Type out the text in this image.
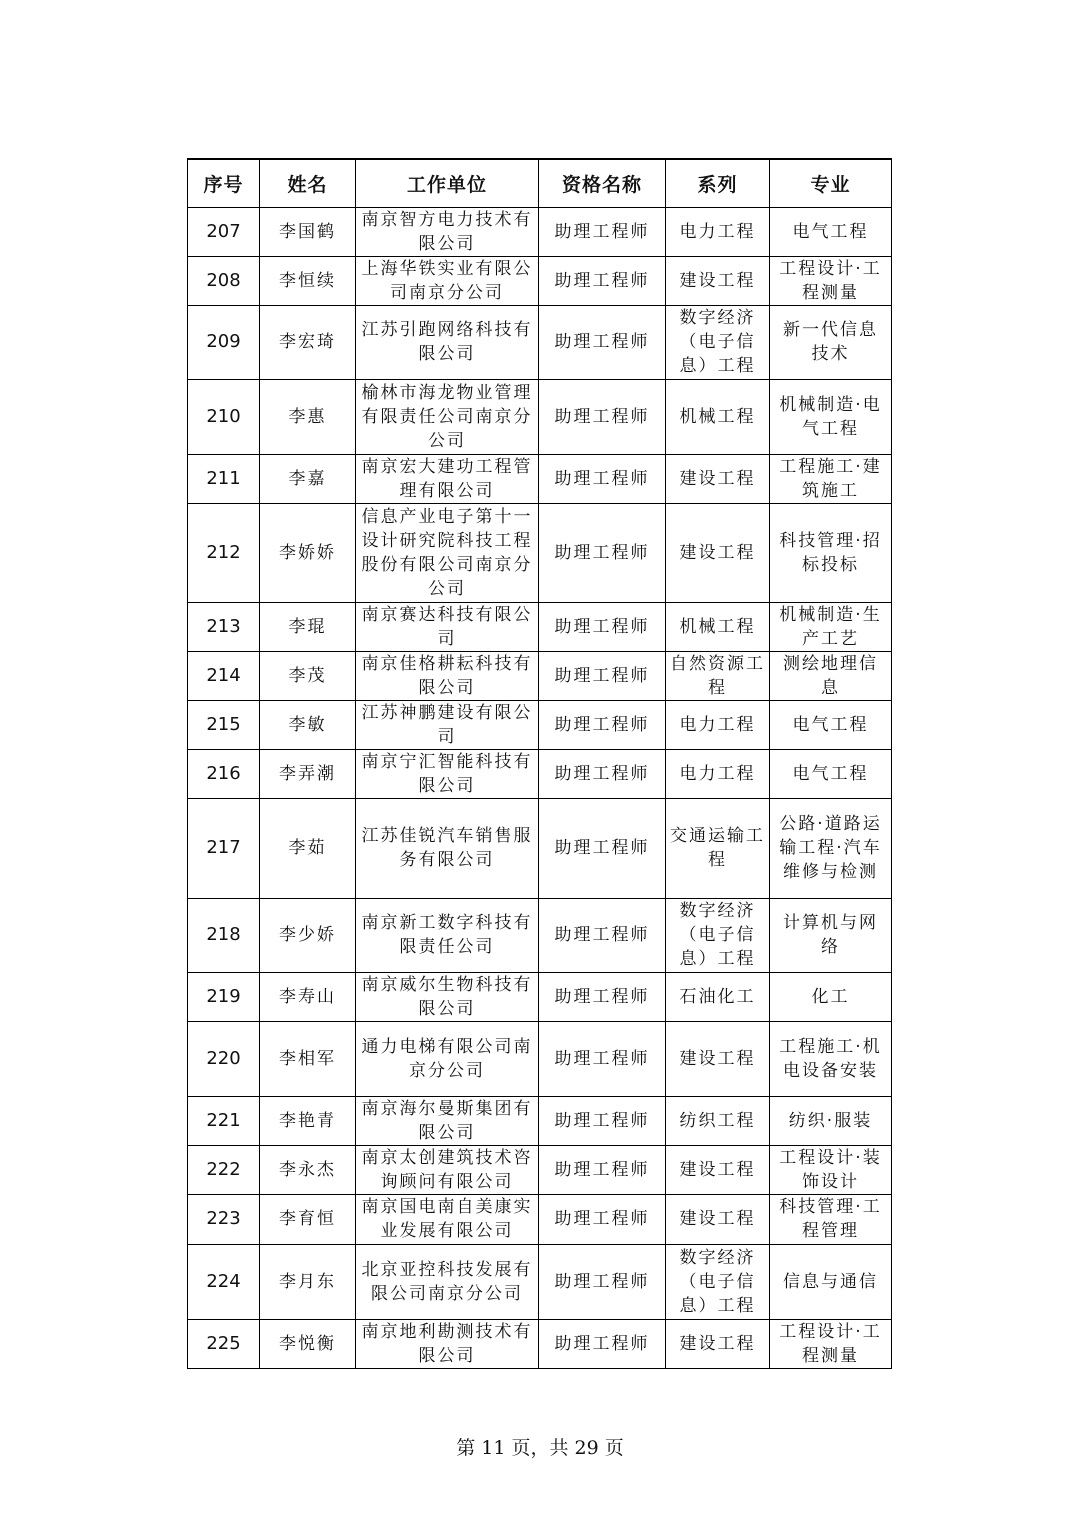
序号	姓名	工作单位	资格名称	系列	专业
207	李国鹤	南京智方电力技术有限公司	助理工程师	电力工程	电气工程
208	李恒续	上海华铁实业有限公司南京分公司	助理工程师	建设工程	工程设计·工程测量
209	李宏琦	江苏引跑网络科技有限公司	助理工程师	数字经济（电子信息）工程	新一代信息技术
210	李惠	榆林市海龙物业管理有限责任公司南京分公司	助理工程师	机械工程	机械制造·电气工程
211	李嘉	南京宏大建功工程管理有限公司	助理工程师	建设工程	工程施工·建筑施工
212	李娇娇	信息产业电子第十一设计研究院科技工程股份有限公司南京分公司	助理工程师	建设工程	科技管理·招标投标
213	李琨	南京赛达科技有限公司	助理工程师	机械工程	机械制造·生产工艺
214	李茂	南京佳格耕耘科技有限公司	助理工程师	自然资源工程	测绘地理信息
215	李敏	江苏神鹏建设有限公司	助理工程师	电力工程	电气工程
216	李弄潮	南京宁汇智能科技有限公司	助理工程师	电力工程	电气工程
217	李茹	江苏佳锐汽车销售服务有限公司	助理工程师	交通运输工程	公路·道路运输工程·汽车维修与检测
218	李少娇	南京新工数字科技有限责任公司	助理工程师	数字经济（电子信息）工程	计算机与网络
219	李寿山	南京威尔生物科技有限公司	助理工程师	石油化工	化工
220	李相军	通力电梯有限公司南京分公司	助理工程师	建设工程	工程施工·机电设备安装
221	李艳青	南京海尔曼斯集团有限公司	助理工程师	纺织工程	纺织·服装
222	李永杰	南京太创建筑技术咨询顾问有限公司	助理工程师	建设工程	工程设计·装饰设计
223	李育恒	南京国电南自美康实业发展有限公司	助理工程师	建设工程	科技管理·工程管理
224	李月东	北京亚控科技发展有限公司南京分公司	助理工程师	数字经济（电子信息）工程	信息与通信
225	李悦衡	南京地利勘测技术有限公司	助理工程师	建设工程	工程设计·工程测量
第 11 页，共 29 页
